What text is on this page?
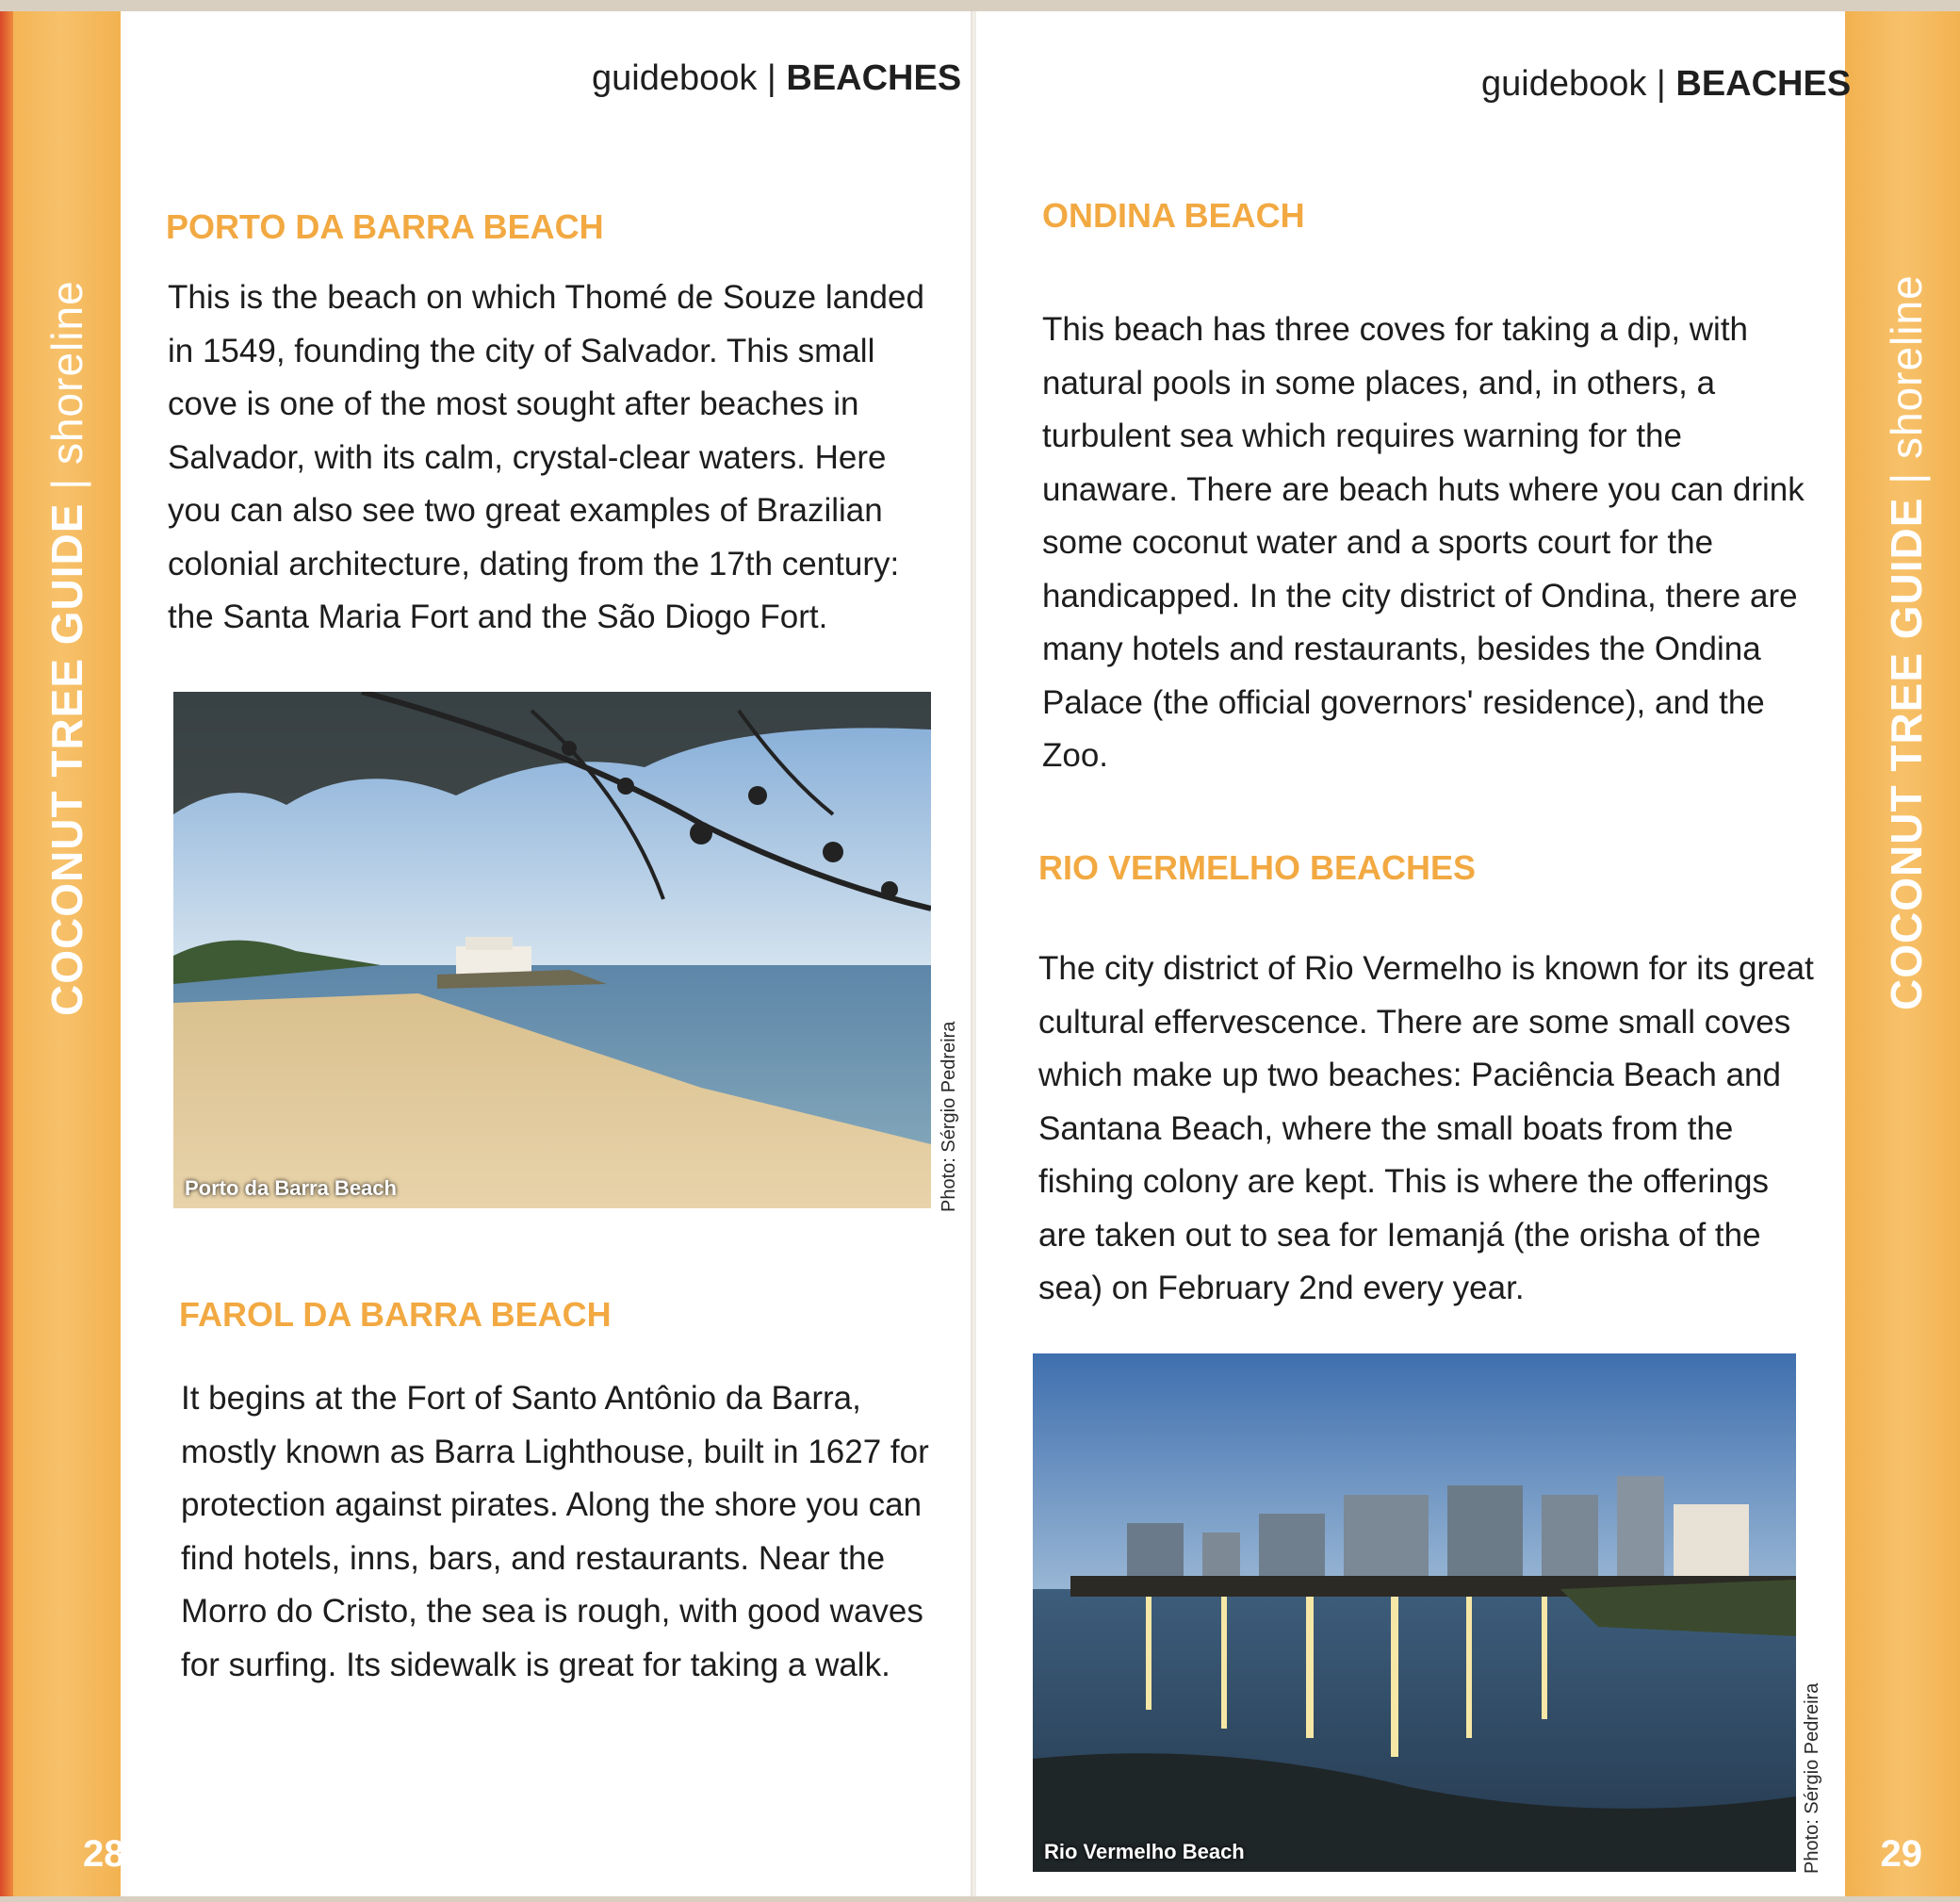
COCONUT TREE GUIDE | shoreline
28
guidebook | BEACHES
PORTO DA BARRA BEACH
This is the beach on which Thomé de Souze landed
in 1549, founding the city of Salvador. This small
cove is one of the most sought after beaches in
Salvador, with its calm, crystal-clear waters. Here
you can also see two great examples of Brazilian
colonial architecture, dating from the 17th century:
the Santa Maria Fort and the São Diogo Fort.
Porto da Barra Beach	Photo: Sérgio Pedreira
FAROL DA BARRA BEACH
It begins at the Fort of Santo Antônio da Barra,
mostly known as Barra Lighthouse, built in 1627 for
protection against pirates. Along the shore you can
find hotels, inns, bars, and restaurants. Near the
Morro do Cristo, the sea is rough, with good waves
for surfing. Its sidewalk is great for taking a walk.
COCONUT TREE GUIDE | shoreline
29
guidebook | BEACHES
ONDINA BEACH
This beach has three coves for taking a dip, with
natural pools in some places, and, in others, a
turbulent sea which requires warning for the
unaware. There are beach huts where you can drink
some coconut water and a sports court for the
handicapped. In the city district of Ondina, there are
many hotels and restaurants, besides the Ondina
Palace (the official governors' residence), and the
Zoo.
RIO VERMELHO BEACHES
The city district of Rio Vermelho is known for its great
cultural effervescence. There are some small coves
which make up two beaches: Paciência Beach and
Santana Beach, where the small boats from the
fishing colony are kept. This is where the offerings
are taken out to sea for Iemanjá (the orisha of the
sea) on February 2nd every year.
Rio Vermelho Beach	Photo: Sérgio Pedreira
